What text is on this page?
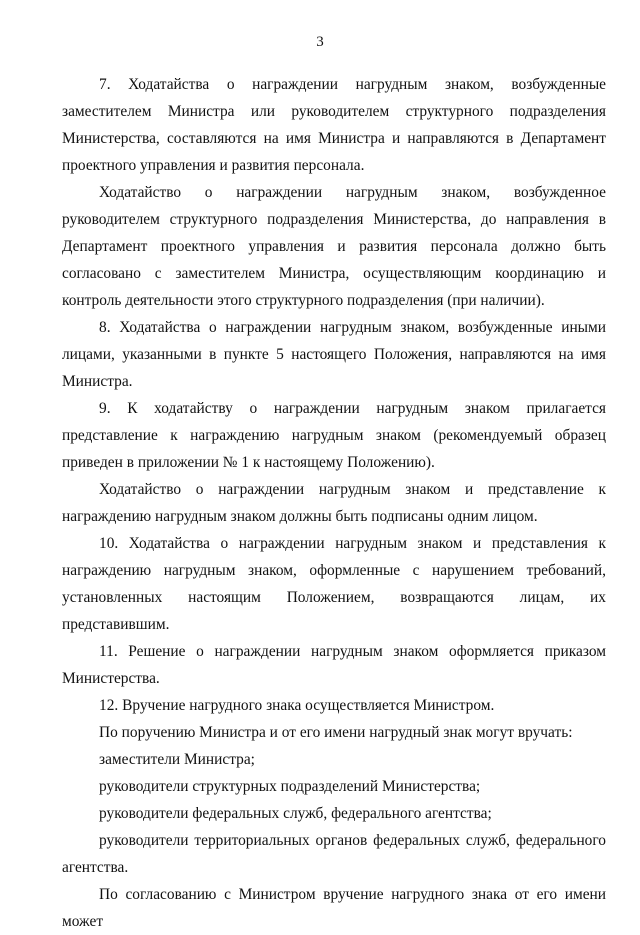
3

7. Ходатайства о награждении нагрудным знаком, возбужденные заместителем Министра или руководителем структурного подразделения Министерства, составляются на имя Министра и направляются в Департамент проектного управления и развития персонала.

Ходатайство о награждении нагрудным знаком, возбужденное руководителем структурного подразделения Министерства, до направления в Департамент проектного управления и развития персонала должно быть согласовано с заместителем Министра, осуществляющим координацию и контроль деятельности этого структурного подразделения (при наличии).

8. Ходатайства о награждении нагрудным знаком, возбужденные иными лицами, указанными в пункте 5 настоящего Положения, направляются на имя Министра.

9. К ходатайству о награждении нагрудным знаком прилагается представление к награждению нагрудным знаком (рекомендуемый образец приведен в приложении № 1 к настоящему Положению).

Ходатайство о награждении нагрудным знаком и представление к награждению нагрудным знаком должны быть подписаны одним лицом.

10. Ходатайства о награждении нагрудным знаком и представления к награждению нагрудным знаком, оформленные с нарушением требований, установленных настоящим Положением, возвращаются лицам, их представившим.

11. Решение о награждении нагрудным знаком оформляется приказом Министерства.

12. Вручение нагрудного знака осуществляется Министром.

По поручению Министра и от его имени нагрудный знак могут вручать:

заместители Министра;

руководители структурных подразделений Министерства;

руководители федеральных служб, федерального агентства;

руководители территориальных органов федеральных служб, федерального агентства.

По согласованию с Министром вручение нагрудного знака от его имени может
